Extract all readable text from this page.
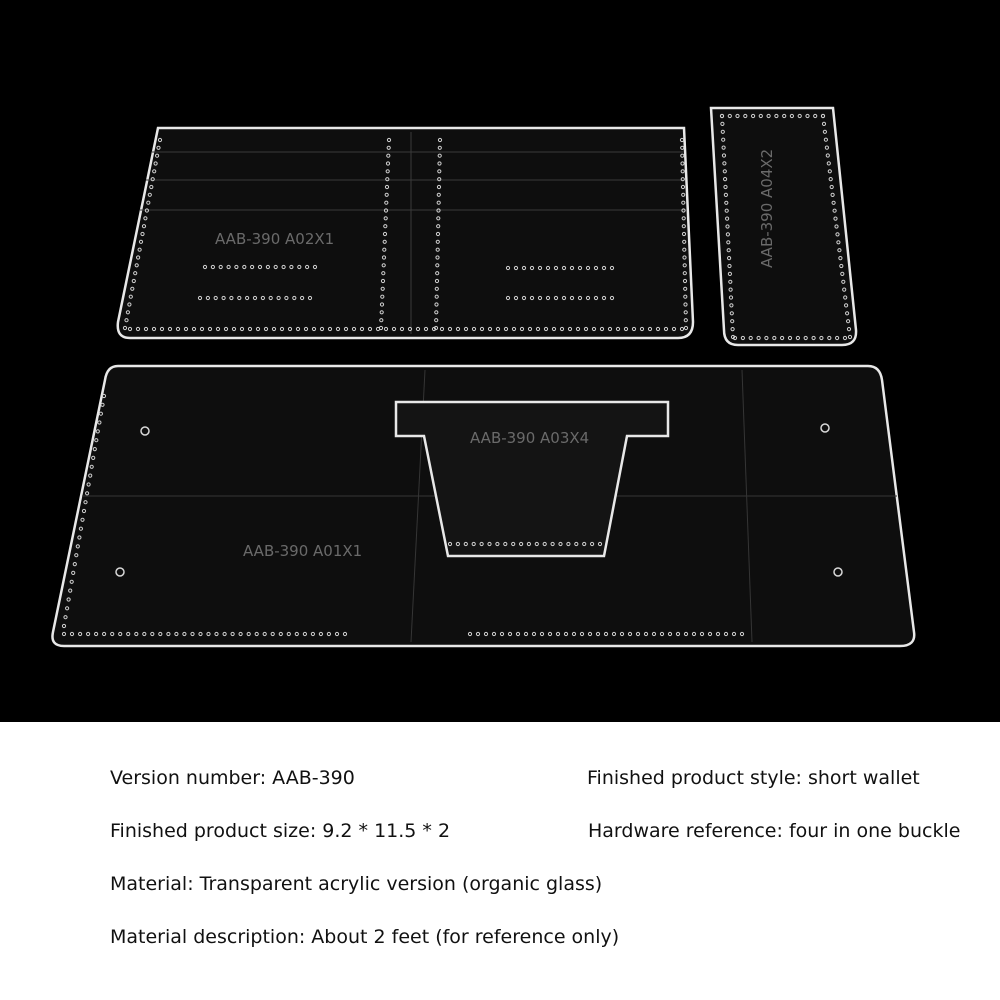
AAB-390 A02X1	AAB-390 A04X2
AAB-390 A01X1
AAB-390 A03X4
Version number: AAB-390	Finished product style: short wallet
Finished product size: 9.2 * 11.5 * 2	Hardware reference: four in one buckle
Material: Transparent acrylic version (organic glass)
Material description: About 2 feet (for reference only)
